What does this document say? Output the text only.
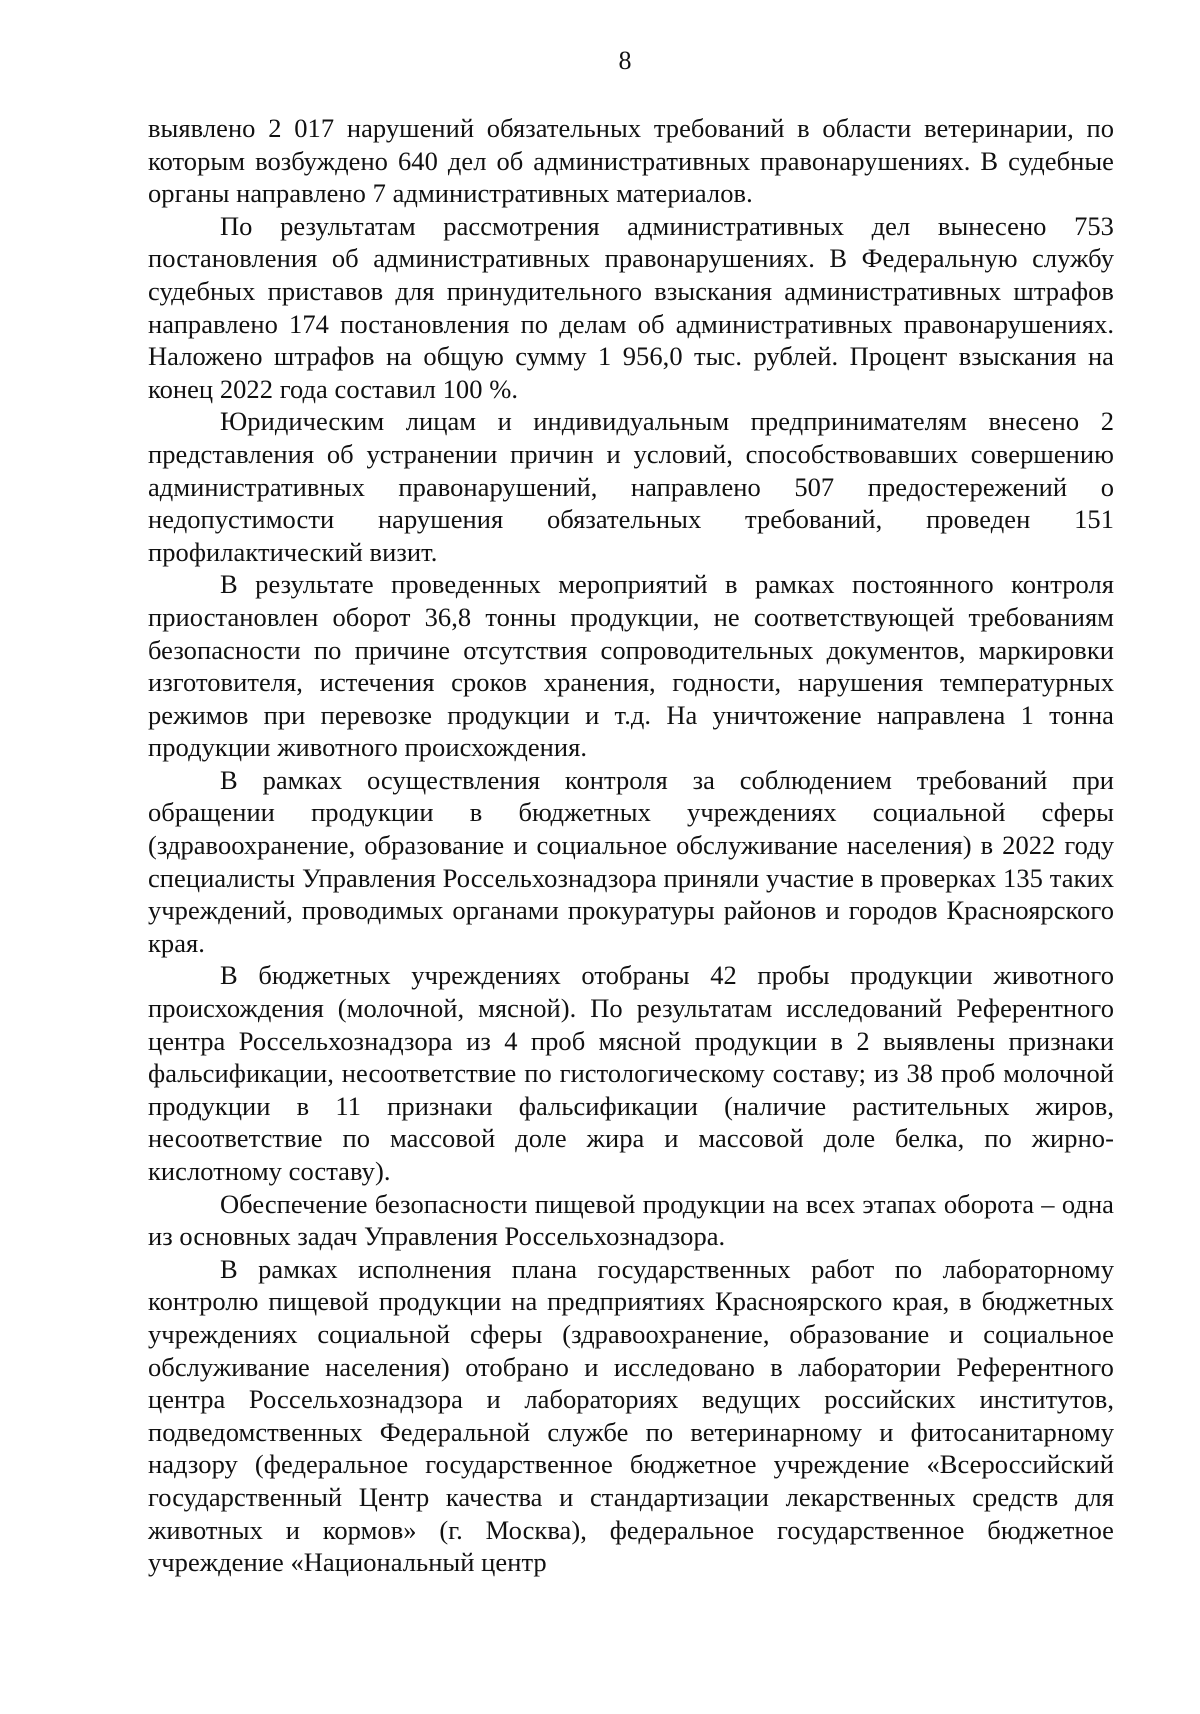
8

выявлено 2 017 нарушений обязательных требований в области ветеринарии, по которым возбуждено 640 дел об административных правонарушениях. В судебные органы направлено 7 административных материалов.

По результатам рассмотрения административных дел вынесено 753 постановления об административных правонарушениях. В Федеральную службу судебных приставов для принудительного взыскания административных штрафов направлено 174 постановления по делам об административных правонарушениях. Наложено штрафов на общую сумму 1 956,0 тыс. рублей. Процент взыскания на конец 2022 года составил 100 %.

Юридическим лицам и индивидуальным предпринимателям внесено 2 представления об устранении причин и условий, способствовавших совершению административных правонарушений, направлено 507 предостережений о недопустимости нарушения обязательных требований, проведен 151 профилактический визит.

В результате проведенных мероприятий в рамках постоянного контроля приостановлен оборот 36,8 тонны продукции, не соответствующей требованиям безопасности по причине отсутствия сопроводительных документов, маркировки изготовителя, истечения сроков хранения, годности, нарушения температурных режимов при перевозке продукции и т.д. На уничтожение направлена 1 тонна продукции животного происхождения.

В рамках осуществления контроля за соблюдением требований при обращении продукции в бюджетных учреждениях социальной сферы (здравоохранение, образование и социальное обслуживание населения) в 2022 году специалисты Управления Россельхознадзора приняли участие в проверках 135 таких учреждений, проводимых органами прокуратуры районов и городов Красноярского края.

В бюджетных учреждениях отобраны 42 пробы продукции животного происхождения (молочной, мясной). По результатам исследований Референтного центра Россельхознадзора из 4 проб мясной продукции в 2 выявлены признаки фальсификации, несоответствие по гистологическому составу; из 38 проб молочной продукции в 11 признаки фальсификации (наличие растительных жиров, несоответствие по массовой доле жира и массовой доле белка, по жирно-кислотному составу).

Обеспечение безопасности пищевой продукции на всех этапах оборота – одна из основных задач Управления Россельхознадзора.

В рамках исполнения плана государственных работ по лабораторному контролю пищевой продукции на предприятиях Красноярского края, в бюджетных учреждениях социальной сферы (здравоохранение, образование и социальное обслуживание населения) отобрано и исследовано в лаборатории Референтного центра Россельхознадзора и лабораториях ведущих российских институтов, подведомственных Федеральной службе по ветеринарному и фитосанитарному надзору (федеральное государственное бюджетное учреждение «Всероссийский государственный Центр качества и стандартизации лекарственных средств для животных и кормов» (г. Москва), федеральное государственное бюджетное учреждение «Национальный центр
